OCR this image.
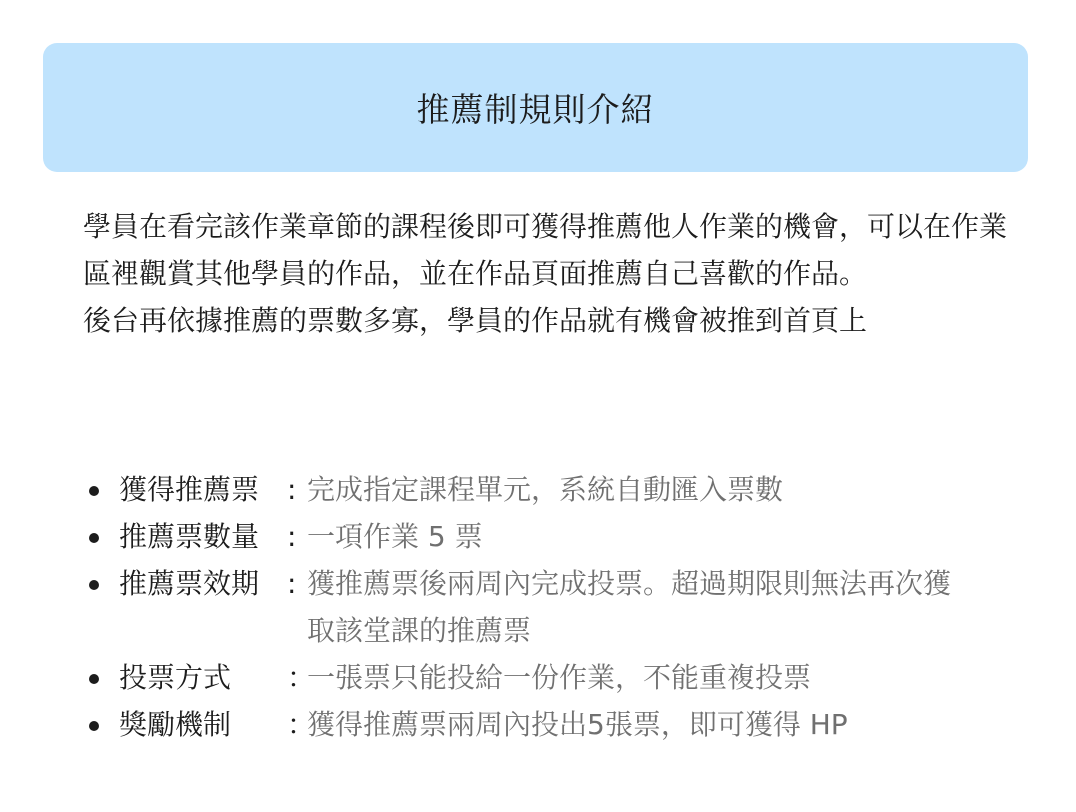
推薦制規則介紹

學員在看完該作業章節的課程後即可獲得推薦他人作業的機會，可以在作業區裡觀賞其他學員的作品，並在作品頁面推薦自己喜歡的作品。

後台再依據推薦的票數多寡，學員的作品就有機會被推到首頁上

獲得推薦票 : 完成指定課程單元，系統自動匯入票數
推薦票數量 : 一項作業 5 票
推薦票效期 : 獲推薦票後兩周內完成投票。超過期限則無法再次獲取該堂課的推薦票
投票方式	：
一張票只能投給一份作業，不能重複投票
獎勵機制	：
獲得推薦票兩周內投出5張票，即可獲得 HP
